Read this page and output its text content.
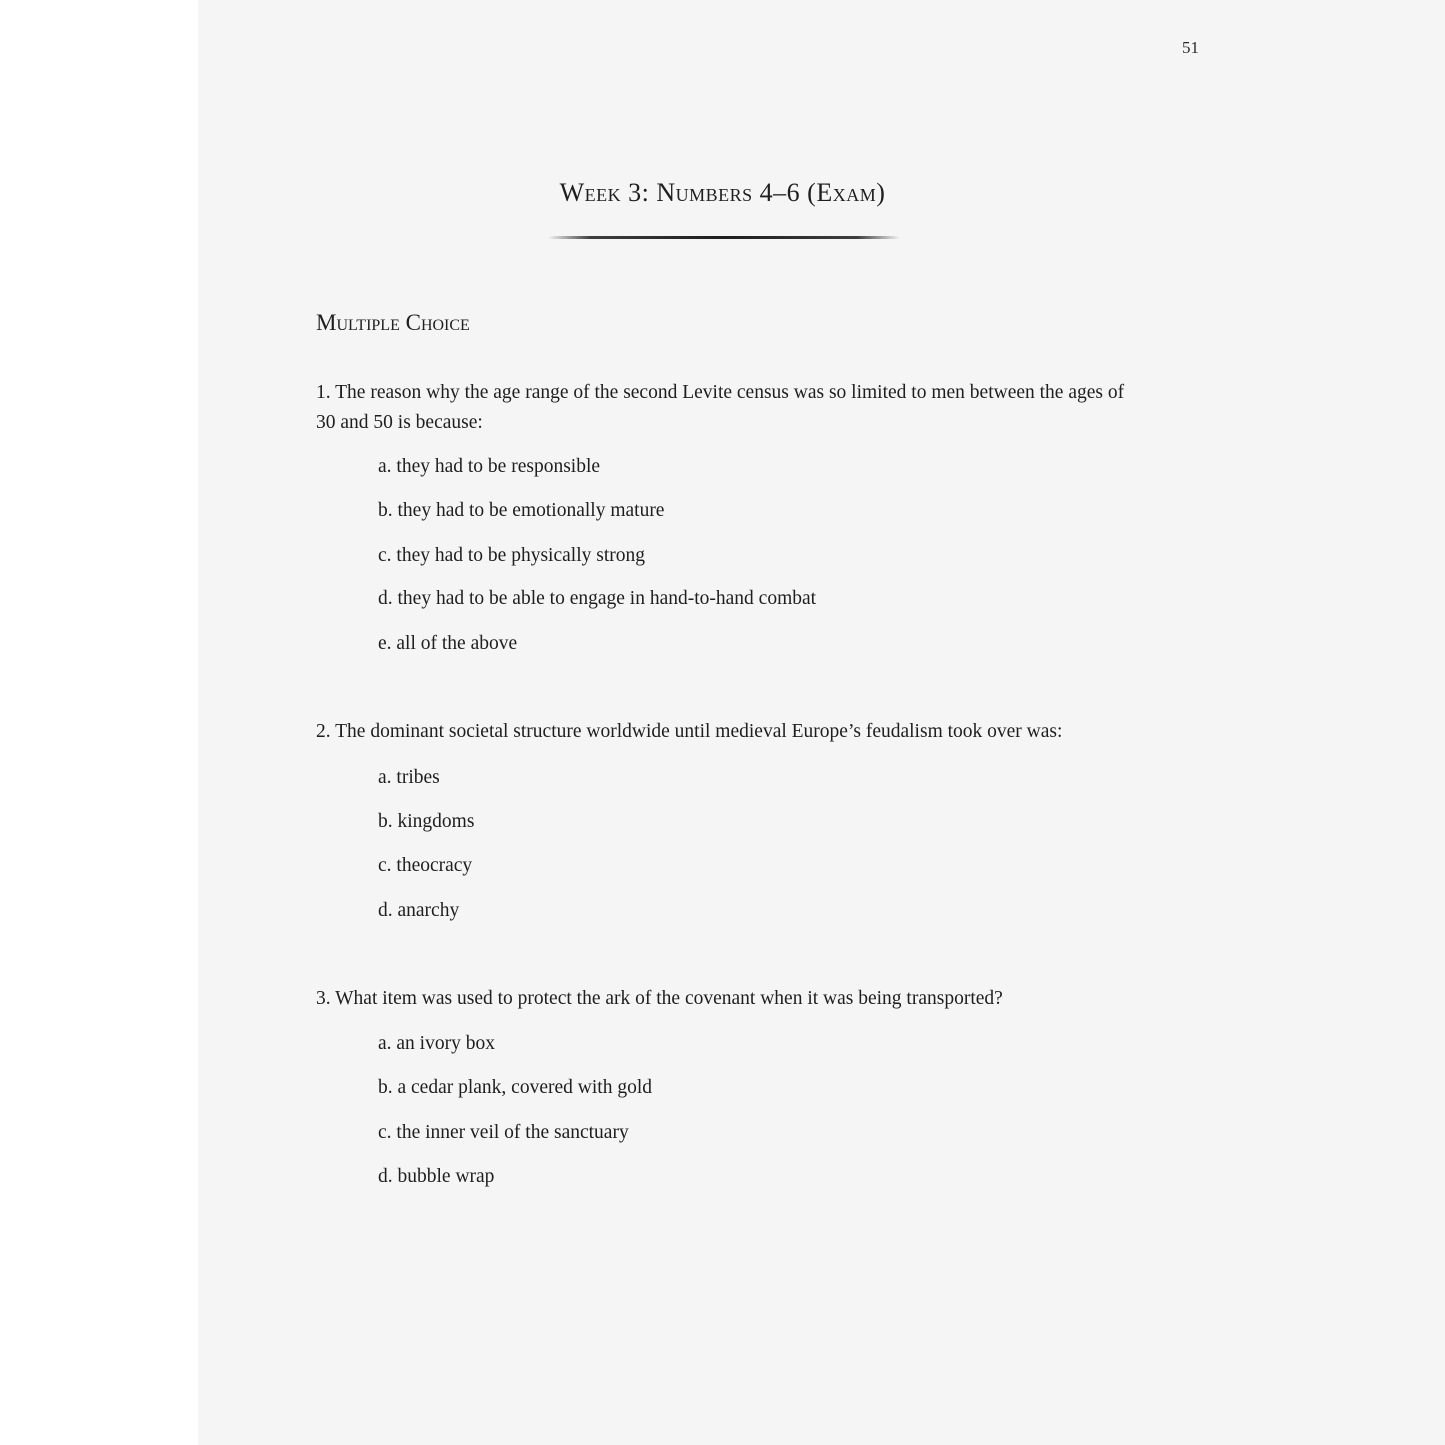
51
Week 3: Numbers 4–6 (Exam)
Multiple Choice
1. The reason why the age range of the second Levite census was so limited to men between the ages of 30 and 50 is because:
a. they had to be responsible
b. they had to be emotionally mature
c. they had to be physically strong
d. they had to be able to engage in hand-to-hand combat
e. all of the above
2. The dominant societal structure worldwide until medieval Europe’s feudalism took over was:
a. tribes
b. kingdoms
c. theocracy
d. anarchy
3. What item was used to protect the ark of the covenant when it was being transported?
a. an ivory box
b. a cedar plank, covered with gold
c. the inner veil of the sanctuary
d. bubble wrap
